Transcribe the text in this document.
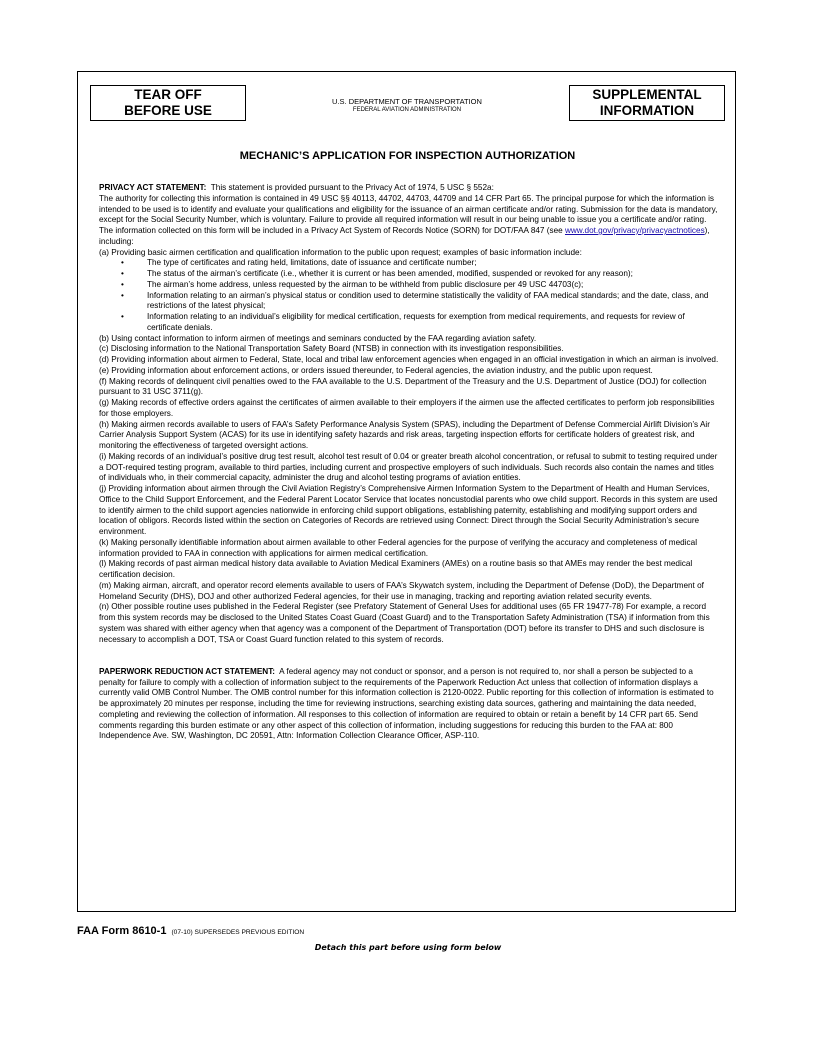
TEAR OFF
BEFORE USE
U.S. DEPARTMENT OF TRANSPORTATION
FEDERAL AVIATION ADMINISTRATION
SUPPLEMENTAL
INFORMATION
MECHANIC’S APPLICATION FOR INSPECTION AUTHORIZATION

PRIVACY ACT STATEMENT: This statement is provided pursuant to the Privacy Act of 1974, 5 USC § 552a:

The authority for collecting this information is contained in 49 USC §§ 40113, 44702, 44703, 44709 and 14 CFR Part 65. The principal purpose for which the information is intended to be used is to identify and evaluate your qualifications and eligibility for the issuance of an airman certificate and/or rating. Submission for the data is mandatory, except for the Social Security Number, which is voluntary. Failure to provide all required information will result in our being unable to issue you a certificate and/or rating. The information collected on this form will be included in a Privacy Act System of Records Notice (SORN) for DOT/FAA 847 (see www.dot.gov/privacy/privacyactnotices), including:

(a) Providing basic airmen certification and qualification information to the public upon request; examples of basic information include:

•	The type of certificates and rating held, limitations, date of issuance and certificate number;
•	The status of the airman’s certificate (i.e., whether it is current or has been amended, modified, suspended or revoked for any reason);
•	The airman’s home address, unless requested by the airman to be withheld from public disclosure per 49 USC 44703(c);
•	Information relating to an airman’s physical status or condition used to determine statistically the validity of FAA medical standards; and the date, class, and restrictions of the latest physical;
•	Information relating to an individual’s eligibility for medical certification, requests for exemption from medical requirements, and requests for review of certificate denials.

(b) Using contact information to inform airmen of meetings and seminars conducted by the FAA regarding aviation safety.

(c) Disclosing information to the National Transportation Safety Board (NTSB) in connection with its investigation responsibilities.

(d) Providing information about airmen to Federal, State, local and tribal law enforcement agencies when engaged in an official investigation in which an airman is involved.

(e) Providing information about enforcement actions, or orders issued thereunder, to Federal agencies, the aviation industry, and the public upon request.

(f) Making records of delinquent civil penalties owed to the FAA available to the U.S. Department of the Treasury and the U.S. Department of Justice (DOJ) for collection pursuant to 31 USC 3711(g).

(g) Making records of effective orders against the certificates of airmen available to their employers if the airmen use the affected certificates to perform job responsibilities for those employers.

(h) Making airmen records available to users of FAA’s Safety Performance Analysis System (SPAS), including the Department of Defense Commercial Airlift Division’s Air Carrier Analysis Support System (ACAS) for its use in identifying safety hazards and risk areas, targeting inspection efforts for certificate holders of greatest risk, and monitoring the effectiveness of targeted oversight actions.

(i) Making records of an individual’s positive drug test result, alcohol test result of 0.04 or greater breath alcohol concentration, or refusal to submit to testing required under a DOT-required testing program, available to third parties, including current and prospective employers of such individuals. Such records also contain the names and titles of individuals who, in their commercial capacity, administer the drug and alcohol testing programs of aviation entities.

(j) Providing information about airmen through the Civil Aviation Registry’s Comprehensive Airmen Information System to the Department of Health and Human Services, Office to the Child Support Enforcement, and the Federal Parent Locator Service that locates noncustodial parents who owe child support. Records in this system are used to identify airmen to the child support agencies nationwide in enforcing child support obligations, establishing paternity, establishing and modifying support orders and location of obligors. Records listed within the section on Categories of Records are retrieved using Connect: Direct through the Social Security Administration’s secure environment.

(k) Making personally identifiable information about airmen available to other Federal agencies for the purpose of verifying the accuracy and completeness of medical information provided to FAA in connection with applications for airmen medical certification.

(l) Making records of past airman medical history data available to Aviation Medical Examiners (AMEs) on a routine basis so that AMEs may render the best medical certification decision.

(m) Making airman, aircraft, and operator record elements available to users of FAA’s Skywatch system, including the Department of Defense (DoD), the Department of Homeland Security (DHS), DOJ and other authorized Federal agencies, for their use in managing, tracking and reporting aviation related security events.

(n) Other possible routine uses published in the Federal Register (see Prefatory Statement of General Uses for additional uses (65 FR 19477-78) For example, a record from this system records may be disclosed to the United States Coast Guard (Coast Guard) and to the Transportation Safety Administration (TSA) if information from this system was shared with either agency when that agency was a component of the Department of Transportation (DOT) before its transfer to DHS and such disclosure is necessary to accomplish a DOT, TSA or Coast Guard function related to this system of records.

PAPERWORK REDUCTION ACT STATEMENT: A federal agency may not conduct or sponsor, and a person is not required to, nor shall a person be subjected to a penalty for failure to comply with a collection of information subject to the requirements of the Paperwork Reduction Act unless that collection of information displays a currently valid OMB Control Number. The OMB control number for this information collection is 2120-0022. Public reporting for this collection of information is estimated to be approximately 20 minutes per response, including the time for reviewing instructions, searching existing data sources, gathering and maintaining the data needed, completing and reviewing the collection of information. All responses to this collection of information are required to obtain or retain a benefit by 14 CFR part 65. Send comments regarding this burden estimate or any other aspect of this collection of information, including suggestions for reducing this burden to the FAA at: 800 Independence Ave. SW, Washington, DC 20591, Attn: Information Collection Clearance Officer, ASP-110.

FAA Form 8610-1 (07-10) SUPERSEDES PREVIOUS EDITION
Detach this part before using form below
